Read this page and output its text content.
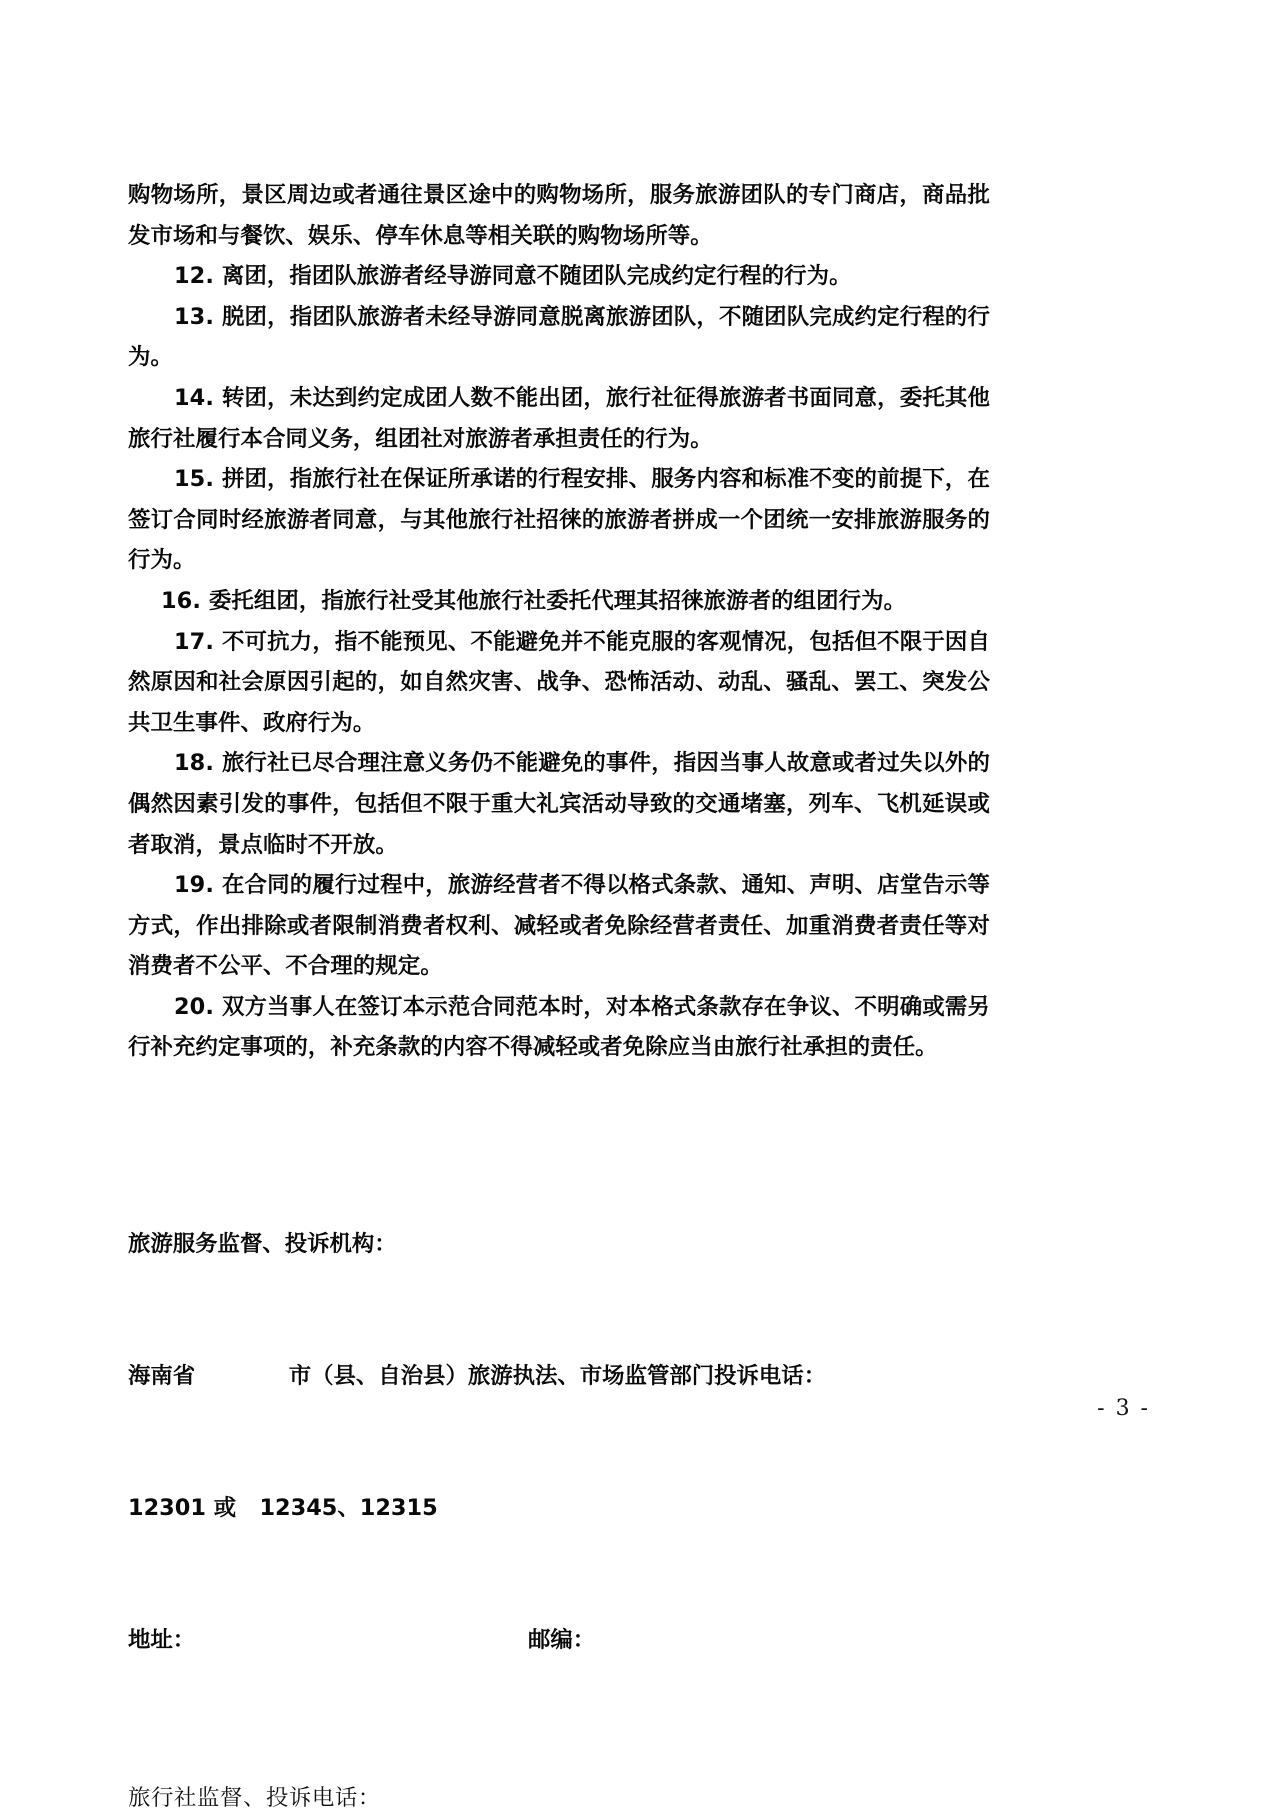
购物场所，景区周边或者通往景区途中的购物场所，服务旅游团队的专门商店，商品批发市场和与餐饮、娱乐、停车休息等相关联的购物场所等。

12. 离团，指团队旅游者经导游同意不随团队完成约定行程的行为。

13. 脱团，指团队旅游者未经导游同意脱离旅游团队，不随团队完成约定行程的行为。

14. 转团，未达到约定成团人数不能出团，旅行社征得旅游者书面同意，委托其他旅行社履行本合同义务，组团社对旅游者承担责任的行为。

15. 拼团，指旅行社在保证所承诺的行程安排、服务内容和标准不变的前提下，在签订合同时经旅游者同意，与其他旅行社招徕的旅游者拼成一个团统一安排旅游服务的行为。

16. 委托组团，指旅行社受其他旅行社委托代理其招徕旅游者的组团行为。

17. 不可抗力，指不能预见、不能避免并不能克服的客观情况，包括但不限于因自然原因和社会原因引起的，如自然灾害、战争、恐怖活动、动乱、骚乱、罢工、突发公共卫生事件、政府行为。

18. 旅行社已尽合理注意义务仍不能避免的事件，指因当事人故意或者过失以外的偶然因素引发的事件，包括但不限于重大礼宾活动导致的交通堵塞，列车、飞机延误或者取消，景点临时不开放。

19. 在合同的履行过程中，旅游经营者不得以格式条款、通知、声明、店堂告示等方式，作出排除或者限制消费者权利、减轻或者免除经营者责任、加重消费者责任等对消费者不公平、不合理的规定。

20. 双方当事人在签订本示范合同范本时，对本格式条款存在争议、不明确或需另行补充约定事项的，补充条款的内容不得减轻或者免除应当由旅行社承担的责任。

旅游服务监督、投诉机构：

海南省            市（县、自治县）旅游执法、市场监管部门投诉电话：

12301 或   12345、12315

地址：	邮编：

旅行社监督、投诉电话：
- 3 -
